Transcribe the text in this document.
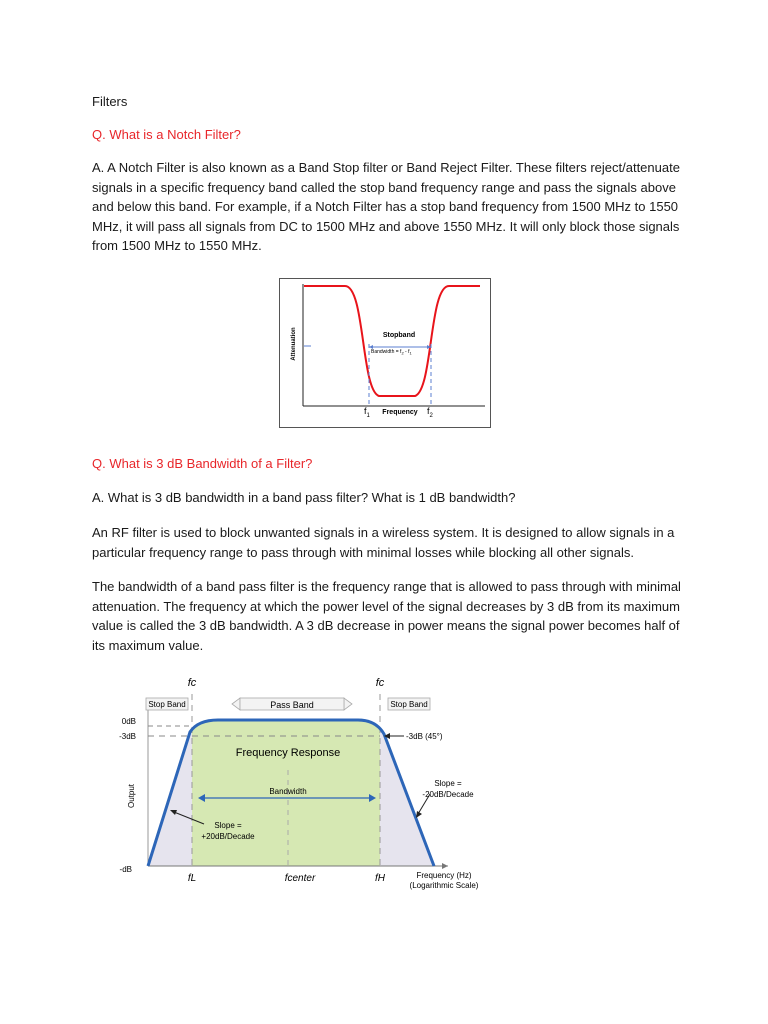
Filters
Q. What is a Notch Filter?

A. A Notch Filter is also known as a Band Stop filter or Band Reject Filter. These filters reject/attenuate signals in a specific frequency band called the stop band frequency range and pass the signals above and below this band. For example, if a Notch Filter has a stop band frequency from 1500 MHz to 1550 MHz, it will pass all signals from DC to 1500 MHz and above 1550 MHz. It will only block those signals from 1500 MHz to 1550 MHz.

Attenuation	Stopband
Bandwidth = $f_2 - f_1$
$f_1$ Frequency $f_2$
Q. What is 3 dB Bandwidth of a Filter?

A. What is 3 dB bandwidth in a band pass filter? What is 1 dB bandwidth?

An RF filter is used to block unwanted signals in a wireless system. It is designed to allow signals in a particular frequency range to pass through with minimal losses while blocking all other signals.

The bandwidth of a band pass filter is the frequency range that is allowed to pass through with minimal attenuation. The frequency at which the power level of the signal decreases by 3 dB from its maximum value is called the 3 dB bandwidth. A 3 dB decrease in power means the signal power becomes half of its maximum value.

fc	fc
Stop Band	Pass Band	Stop Band
0dB
-3dB
-dB
-3dB (45°)
Output
Frequency Response
Bandwidth
Slope =
+20dB/Decade
Slope =
-20dB/Decade
fL	fcenter	fH	Frequency (Hz)
(Logarithmic Scale)
